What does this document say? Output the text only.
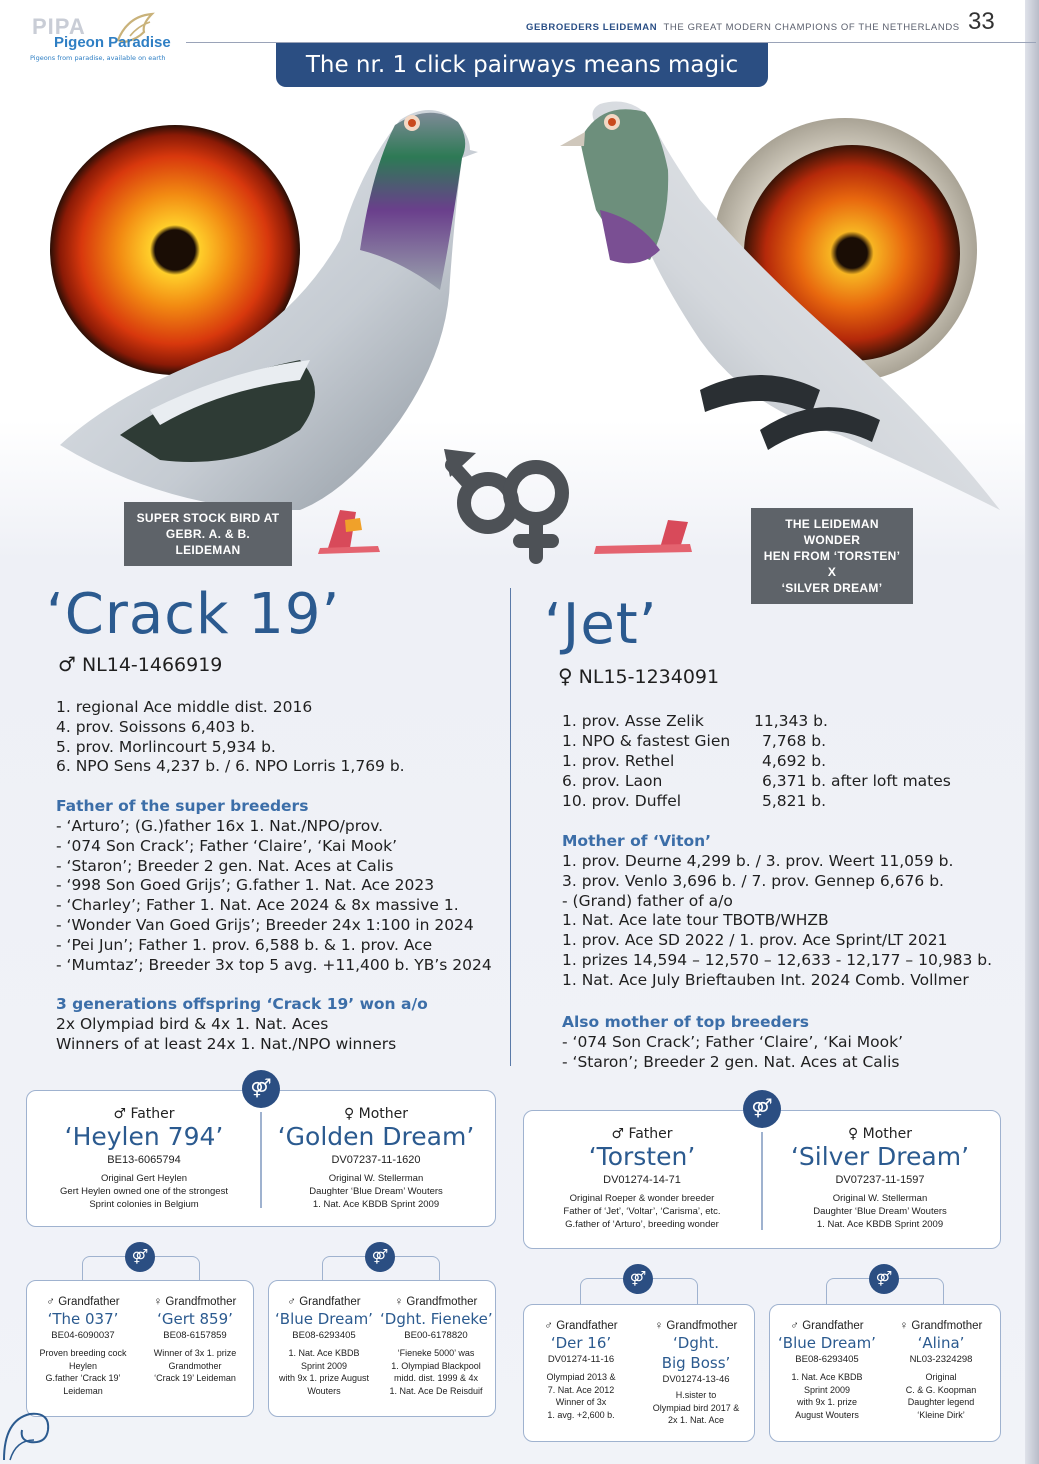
PIPA
Pigeon Paradise
Pigeons from paradise, available on earth
GEBROEDERS LEIDEMAN THE GREAT MODERN CHAMPIONS OF THE NETHERLANDS 33
The nr. 1 click pairways means magic
SUPER STOCK BIRD AT
GEBR. A. & B. LEIDEMAN
THE LEIDEMAN WONDER
HEN FROM ‘TORSTEN’ X
‘SILVER DREAM’
‘Crack 19’
♂ NL14-1466919
‘Jet’
♀ NL15-1234091
1. regional Ace middle dist. 2016
4. prov. Soissons 6,403 b.
5. prov. Morlincourt 5,934 b.
6. NPO Sens 4,237 b. / 6. NPO Lorris 1,769 b.
Father of the super breeders
- ‘Arturo’; (G.)father 16x 1. Nat./NPO/prov.
- ‘074 Son Crack’; Father ‘Claire’, ‘Kai Mook’
- ‘Staron’; Breeder 2 gen. Nat. Aces at Calis
- ‘998 Son Goed Grijs’; G.father 1. Nat. Ace 2023
- ‘Charley’; Father 1. Nat. Ace 2024 & 8x massive 1.
- ‘Wonder Van Goed Grijs’; Breeder 24x 1:100 in 2024
- ‘Pei Jun’; Father 1. prov. 6,588 b. & 1. prov. Ace
- ‘Mumtaz’; Breeder 3x top 5 avg. +11,400 b. YB’s 2024
3 generations offspring ‘Crack 19’ won a/o
2x Olympiad bird & 4x 1. Nat. Aces
Winners of at least 24x 1. Nat./NPO winners
1. prov. Asse Zelik	11,343 b.
1. NPO & fastest Gien 7,768 b.
1. prov. Rethel	4,692 b.
6. prov. Laon	6,371 b. after loft mates
10. prov. Duffel	5,821 b.
Mother of ‘Viton’
1. prov. Deurne 4,299 b. / 3. prov. Weert 11,059 b.
3. prov. Venlo 3,696 b. / 7. prov. Gennep 6,676 b.
- (Grand) father of a/o
1. Nat. Ace late tour TBOTB/WHZB
1. prov. Ace SD 2022 / 1. prov. Ace Sprint/LT 2021
1. prizes 14,594 – 12,570 – 12,633 - 12,177 – 10,983 b.
1. Nat. Ace July Brieftauben Int. 2024 Comb. Vollmer
Also mother of top breeders
- ‘074 Son Crack’; Father ‘Claire’, ‘Kai Mook’
- ‘Staron’; Breeder 2 gen. Nat. Aces at Calis
⚤
♂ Father
‘Heylen 794’
BE13-6065794
Original Gert Heylen
Gert Heylen owned one of the strongest
Sprint colonies in Belgium
♀ Mother
‘Golden Dream’
DV07237-11-1620
Original W. Stellerman
Daughter ‘Blue Dream’ Wouters
1. Nat. Ace KBDB Sprint 2009
⚤	⚤
♂ Grandfather
‘The 037’
BE04-6090037
Proven breeding cock
Heylen
G.father ‘Crack 19’
Leideman
♀ Grandfmother
‘Gert 859’
BE08-6157859
Winner of 3x 1. prize
Grandmother
‘Crack 19’ Leideman
♂ Grandfather
‘Blue Dream’
BE08-6293405
1. Nat. Ace KBDB
Sprint 2009
with 9x 1. prize August
Wouters
♀ Grandfmother
‘Dght. Fieneke’
BE00-6178820
‘Fieneke 5000’ was
1. Olympiad Blackpool
midd. dist. 1999 & 4x
1. Nat. Ace De Reisduif
⚤
♂ Father
‘Torsten’
DV01274-14-71
Original Roeper & wonder breeder
Father of ‘Jet’, ‘Voltar’, ‘Carisma’, etc.
G.father of ‘Arturo’, breeding wonder
♀ Mother
‘Silver Dream’
DV07237-11-1597
Original W. Stellerman
Daughter ‘Blue Dream’ Wouters
1. Nat. Ace KBDB Sprint 2009
⚤	⚤
♂ Grandfather
‘Der 16’
DV01274-11-16
Olympiad 2013 &
7. Nat. Ace 2012
Winner of 3x
1. avg. +2,600 b.
♀ Grandfmother
‘Dght.
Big Boss’
DV01274-13-46
H.sister to
Olympiad bird 2017 &
2x 1. Nat. Ace
♂ Grandfather
‘Blue Dream’
BE08-6293405
1. Nat. Ace KBDB
Sprint 2009
with 9x 1. prize
August Wouters
♀ Grandfmother
‘Alina’
NL03-2324298
Original
C. & G. Koopman
Daughter legend
‘Kleine Dirk’
